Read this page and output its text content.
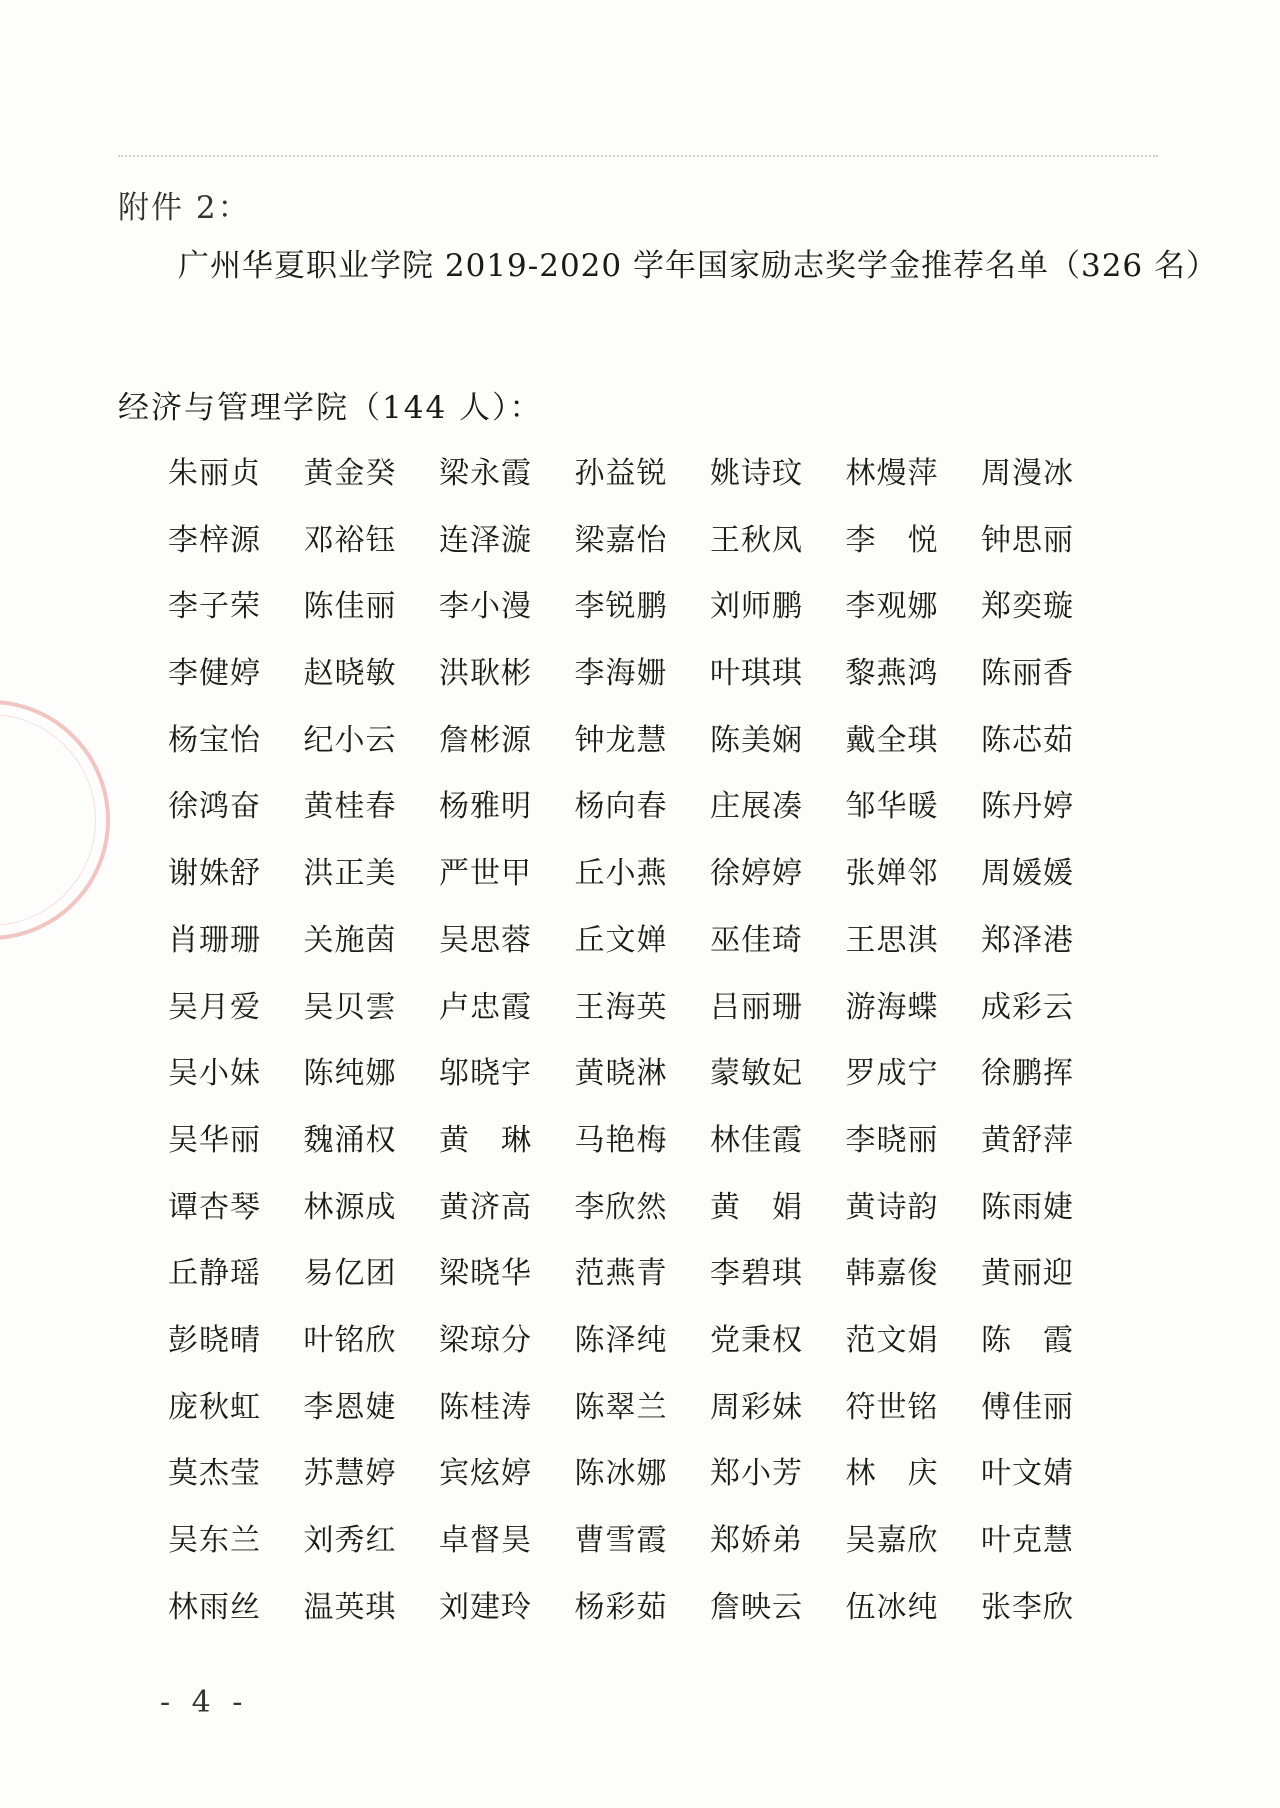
附件 2：
广州华夏职业学院 2019-2020 学年国家励志奖学金推荐名单（326 名）
经济与管理学院（144 人）：
朱丽贞	黄金癸	梁永霞	孙益锐	姚诗玟	林熳萍	周漫冰
李梓源	邓裕钰	连泽漩	梁嘉怡	王秋凤	李　悦	钟思丽
李子荣	陈佳丽	李小漫	李锐鹏	刘师鹏	李观娜	郑奕璇
李健婷	赵晓敏	洪耿彬	李海姗	叶琪琪	黎燕鸿	陈丽香
杨宝怡	纪小云	詹彬源	钟龙慧	陈美娴	戴全琪	陈芯茹
徐鸿奋	黄桂春	杨雅明	杨向春	庄展凑	邹华暖	陈丹婷
谢姝舒	洪正美	严世甲	丘小燕	徐婷婷	张婵邻	周媛媛
肖珊珊	关施茵	吴思蓉	丘文婵	巫佳琦	王思淇	郑泽港
吴月爱	吴贝雲	卢忠霞	王海英	吕丽珊	游海蝶	成彩云
吴小妹	陈纯娜	邬晓宇	黄晓淋	蒙敏妃	罗成宁	徐鹏挥
吴华丽	魏涌权	黄　琳	马艳梅	林佳霞	李晓丽	黄舒萍
谭杏琴	林源成	黄济高	李欣然	黄　娟	黄诗韵	陈雨婕
丘静瑶	易亿团	梁晓华	范燕青	李碧琪	韩嘉俊	黄丽迎
彭晓晴	叶铭欣	梁琼分	陈泽纯	党秉权	范文娟	陈　霞
庞秋虹	李恩婕	陈桂涛	陈翠兰	周彩妹	符世铭	傅佳丽
莫杰莹	苏慧婷	宾炫婷	陈冰娜	郑小芳	林　庆	叶文婧
吴东兰	刘秀红	卓督昊	曹雪霞	郑娇弟	吴嘉欣	叶克慧
林雨丝	温英琪	刘建玲	杨彩茹	詹映云	伍冰纯	张李欣
- 4 -
